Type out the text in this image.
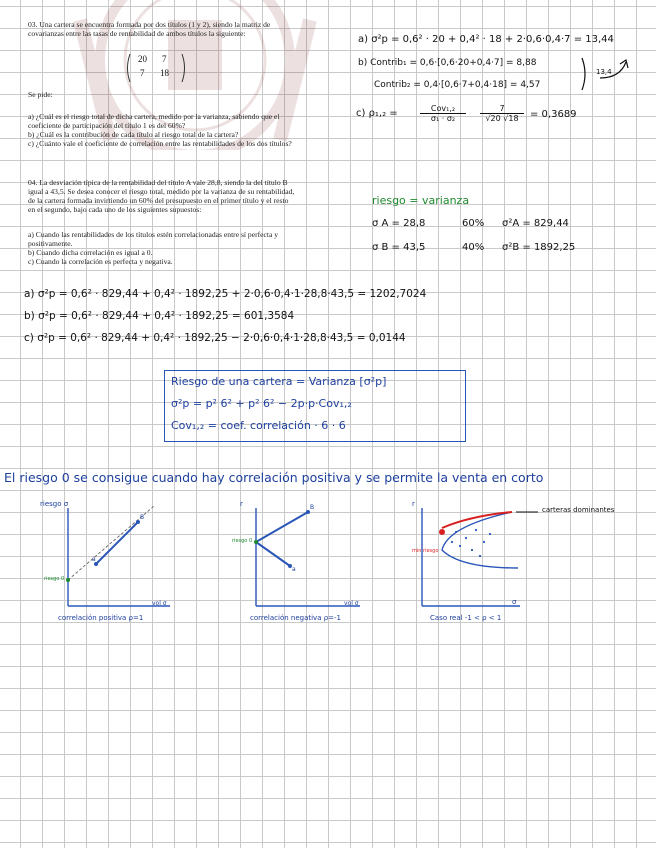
03. Una cartera se encuentra formada por dos títulos (1 y 2), siendo la matriz de
covarianzas entre las tasas de rentabilidad de ambos títulos la siguiente:
20 7
7 18
Se pide:
a) ¿Cuál es el riesgo total de dicha cartera, medido por la varianza, sabiendo que el
coeficiente de participación del título 1 es del 60%?
b) ¿Cuál es la contribución de cada título al riesgo total de la cartera?
c) ¿Cuánto vale el coeficiente de correlación entre las rentabilidades de los dos títulos?
a) σ²p = 0,6² · 20 + 0,4² · 18 + 2·0,6·0,4·7 = 13,44
b) Contrib₁ = 0,6·[0,6·20+0,4·7] = 8,88
Contrib₂ = 0,4·[0,6·7+0,4·18] = 4,57
13,4
c) ρ₁,₂ =	Cov₁,₂
σ₁ · σ₂	$\frac{7}{√20 √18} = 0,3689$
04. La desviación típica de la rentabilidad del título A vale 28,8, siendo la del título B
igual a 43,5. Se desea conocer el riesgo total, medido por la varianza de su rentabilidad,
de la cartera formada invirtiendo un 60% del presupuesto en el primer título y el resto
en el segundo, bajo cada uno de los siguientes supuestos:
a) Cuando las rentabilidades de los títulos estén correlacionadas entre sí perfecta y
positivamente.
b) Cuando dicha correlación es igual a 0.
c) Cuando la correlación es perfecta y negativa.
riesgo = varianza
σ A = 28,8	60% σ²A = 829,44
σ B = 43,5	40% σ²B = 1892,25
a) σ²p = 0,6² · 829,44 + 0,4² · 1892,25 + 2·0,6·0,4·1·28,8·43,5 = 1202,7024
b) σ²p = 0,6² · 829,44 + 0,4² · 1892,25 = 601,3584
c) σ²p = 0,6² · 829,44 + 0,4² · 1892,25 − 2·0,6·0,4·1·28,8·43,5 = 0,0144
Riesgo de una cartera = Varianza [σ²p]
σ²p = p² 6² + p² 6² − 2p·p·Cov₁,₂
Cov₁,₂ = coef. correlación · 6 · 6
El riesgo 0 se consigue cuando hay correlación positiva y se permite la venta en corto
riesgo σ
a
B
riesgo 0
vol σ
correlación positiva ρ=1
r	B
a
riesgo 0
vol σ
correlación negativa ρ=-1
carteras dominantes
min riesgo
r
σ
Caso real -1 < ρ < 1
